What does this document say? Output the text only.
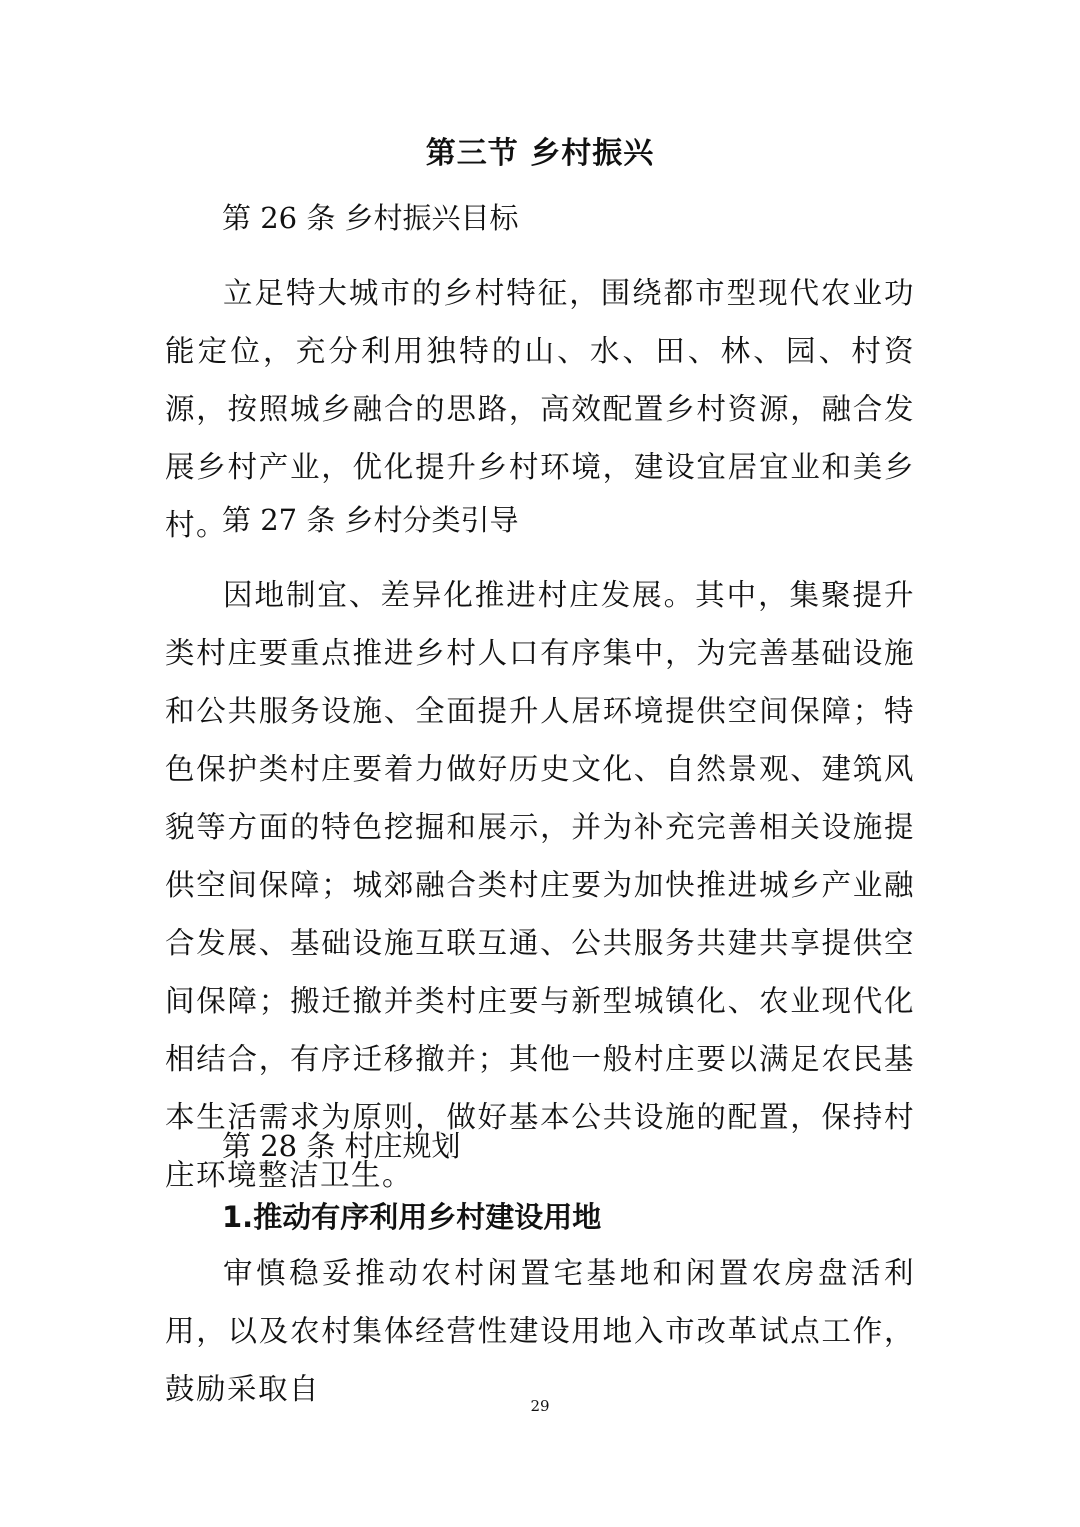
第三节 乡村振兴

第 26 条 乡村振兴目标

立足特大城市的乡村特征，围绕都市型现代农业功能定位，充分利用独特的山、水、田、林、园、村资源，按照城乡融合的思路，高效配置乡村资源，融合发展乡村产业，优化提升乡村环境，建设宜居宜业和美乡村。

第 27 条 乡村分类引导

因地制宜、差异化推进村庄发展。其中，集聚提升类村庄要重点推进乡村人口有序集中，为完善基础设施和公共服务设施、全面提升人居环境提供空间保障；特色保护类村庄要着力做好历史文化、自然景观、建筑风貌等方面的特色挖掘和展示，并为补充完善相关设施提供空间保障；城郊融合类村庄要为加快推进城乡产业融合发展、基础设施互联互通、公共服务共建共享提供空间保障；搬迁撤并类村庄要与新型城镇化、农业现代化相结合，有序迁移撤并；其他一般村庄要以满足农民基本生活需求为原则，做好基本公共设施的配置，保持村庄环境整洁卫生。

第 28 条 村庄规划

1.推动有序利用乡村建设用地

审慎稳妥推动农村闲置宅基地和闲置农房盘活利用，以及农村集体经营性建设用地入市改革试点工作，鼓励采取自	29
